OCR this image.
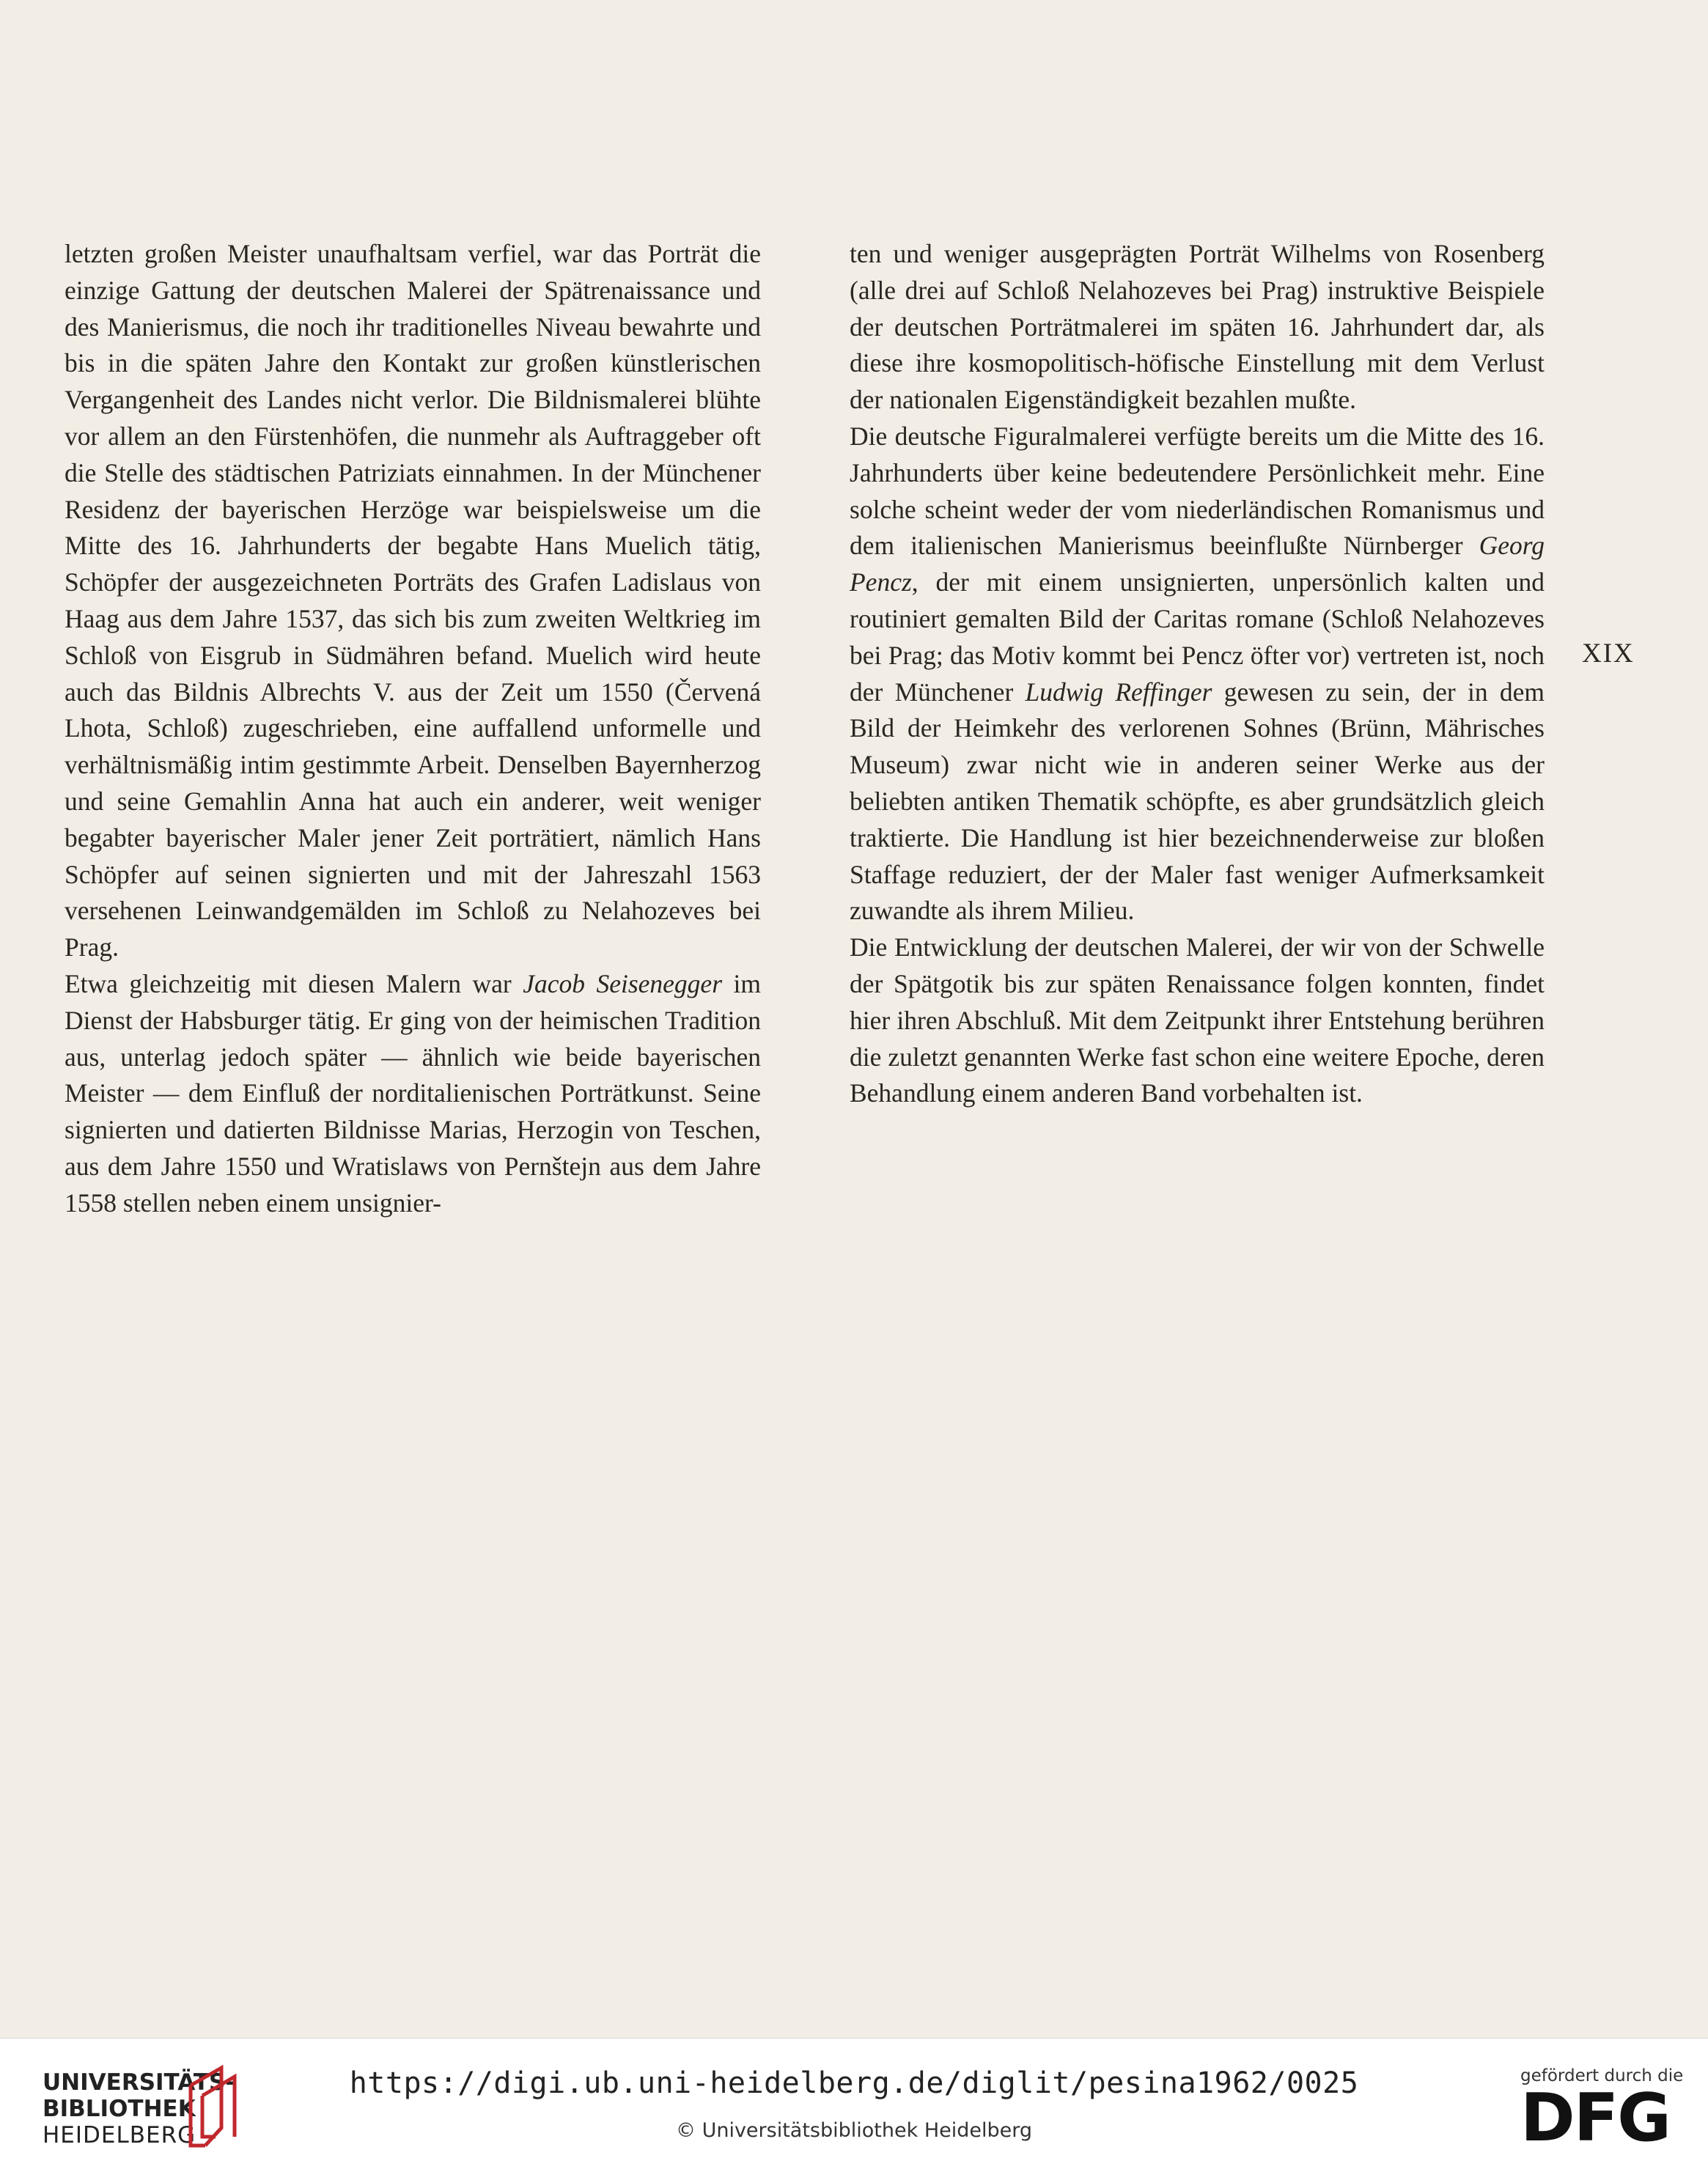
letzten großen Meister unaufhaltsam verfiel, war das Porträt die einzige Gattung der deutschen Malerei der Spätrenaissance und des Manierismus, die noch ihr traditionelles Niveau bewahrte und bis in die späten Jahre den Kontakt zur großen künstlerischen Vergangenheit des Landes nicht verlor. Die Bildnismalerei blühte vor allem an den Fürstenhöfen, die nunmehr als Auftraggeber oft die Stelle des städtischen Patriziats einnahmen. In der Münchener Residenz der bayerischen Herzöge war beispielsweise um die Mitte des 16. Jahrhunderts der begabte Hans Muelich tätig, Schöpfer der ausgezeichneten Porträts des Grafen Ladislaus von Haag aus dem Jahre 1537, das sich bis zum zweiten Weltkrieg im Schloß von Eisgrub in Südmähren befand. Muelich wird heute auch das Bildnis Albrechts V. aus der Zeit um 1550 (Červená Lhota, Schloß) zugeschrieben, eine auffallend unformelle und verhältnismäßig intim gestimmte Arbeit. Denselben Bayernherzog und seine Gemahlin Anna hat auch ein anderer, weit weniger begabter bayerischer Maler jener Zeit porträtiert, nämlich Hans Schöpfer auf seinen signierten und mit der Jahreszahl 1563 versehenen Leinwandgemälden im Schloß zu Nelahozeves bei Prag.

Etwa gleichzeitig mit diesen Malern war Jacob Seisenegger im Dienst der Habsburger tätig. Er ging von der heimischen Tradition aus, unterlag jedoch später — ähnlich wie beide bayerischen Meister — dem Einfluß der norditalienischen Porträtkunst. Seine signierten und datierten Bildnisse Marias, Herzogin von Teschen, aus dem Jahre 1550 und Wratislaws von Pernštejn aus dem Jahre 1558 stellen neben einem unsignier-

ten und weniger ausgeprägten Porträt Wilhelms von Rosenberg (alle drei auf Schloß Nelahozeves bei Prag) instruktive Beispiele der deutschen Porträtmalerei im späten 16. Jahrhundert dar, als diese ihre kosmopolitisch-höfische Einstellung mit dem Verlust der nationalen Eigenständigkeit bezahlen mußte.

Die deutsche Figuralmalerei verfügte bereits um die Mitte des 16. Jahrhunderts über keine bedeutendere Persönlichkeit mehr. Eine solche scheint weder der vom niederländischen Romanismus und dem italienischen Manierismus beeinflußte Nürnberger Georg Pencz, der mit einem unsignierten, unpersönlich kalten und routiniert gemalten Bild der Caritas romane (Schloß Nelahozeves bei Prag; das Motiv kommt bei Pencz öfter vor) vertreten ist, noch der Münchener Ludwig Reffinger gewesen zu sein, der in dem Bild der Heimkehr des verlorenen Sohnes (Brünn, Mährisches Museum) zwar nicht wie in anderen seiner Werke aus der beliebten antiken Thematik schöpfte, es aber grundsätzlich gleich traktierte. Die Handlung ist hier bezeichnenderweise zur bloßen Staffage reduziert, der der Maler fast weniger Aufmerksamkeit zuwandte als ihrem Milieu.

Die Entwicklung der deutschen Malerei, der wir von der Schwelle der Spätgotik bis zur späten Renaissance folgen konnten, findet hier ihren Abschluß. Mit dem Zeitpunkt ihrer Entstehung berühren die zuletzt genannten Werke fast schon eine weitere Epoche, deren Behandlung einem anderen Band vorbehalten ist.

XIX
UNIVERSITÄTS-
BIBLIOTHEK
HEIDELBERG
https://digi.ub.uni-heidelberg.de/diglit/pesina1962/0025
© Universitätsbibliothek Heidelberg
gefördert durch die
DFG
